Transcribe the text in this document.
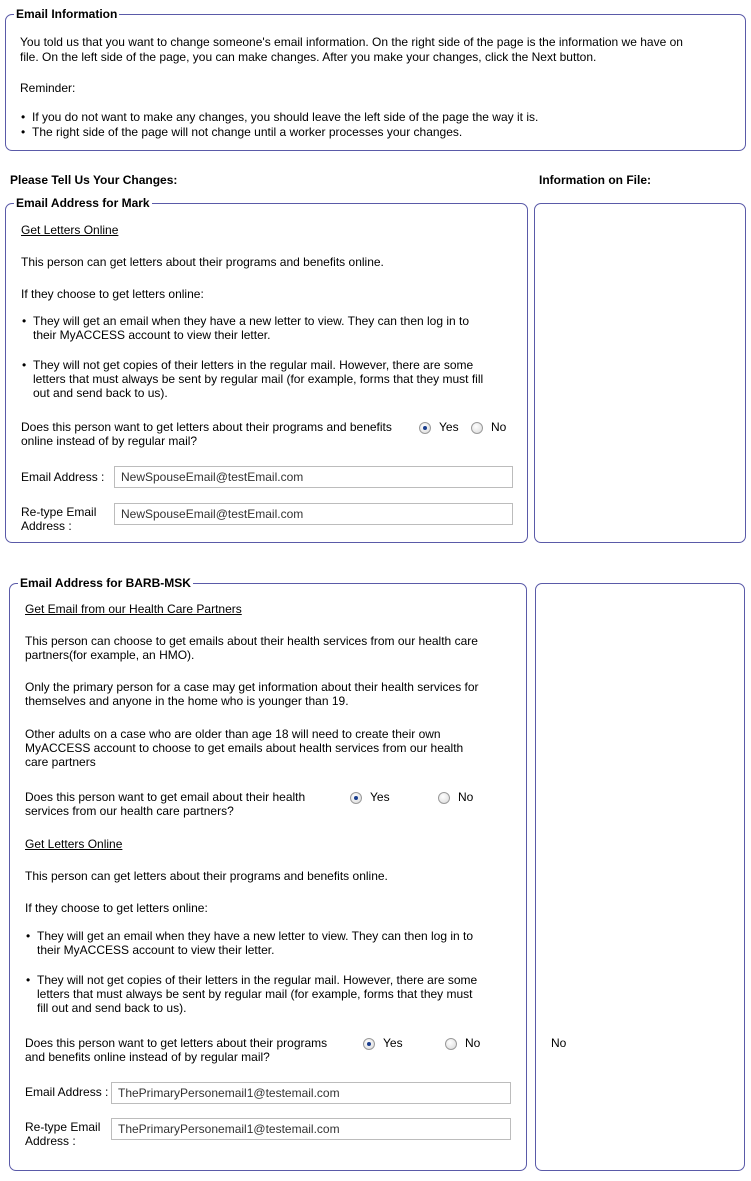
Email Information
You told us that you want to change someone's email information. On the right side of the page is the information we have on
file. On the left side of the page, you can make changes. After you make your changes, click the Next button.
Reminder:
• If you do not want to make any changes, you should leave the left side of the page the way it is.
• The right side of the page will not change until a worker processes your changes.
Please Tell Us Your Changes:	Information on File:
Email Address for Mark
Get Letters Online
This person can get letters about their programs and benefits online.
If they choose to get letters online:
• They will get an email when they have a new letter to view. They can then log in to
their MyACCESS account to view their letter.
• They will not get copies of their letters in the regular mail. However, there are some
letters that must always be sent by regular mail (for example, forms that they must fill
out and send back to us).
Does this person want to get letters about their programs and benefits
online instead of by regular mail?
Yes	No
Email Address :
NewSpouseEmail@testEmail.com
Re-type Email
Address :
NewSpouseEmail@testEmail.com
Email Address for BARB-MSK
Get Email from our Health Care Partners
This person can choose to get emails about their health services from our health care
partners(for example, an HMO).
Only the primary person for a case may get information about their health services for
themselves and anyone in the home who is younger than 19.
Other adults on a case who are older than age 18 will need to create their own
MyACCESS account to choose to get emails about health services from our health
care partners
Does this person want to get email about their health
services from our health care partners?
Yes	No
Get Letters Online
This person can get letters about their programs and benefits online.
If they choose to get letters online:
• They will get an email when they have a new letter to view. They can then log in to
their MyACCESS account to view their letter.
• They will not get copies of their letters in the regular mail. However, there are some
letters that must always be sent by regular mail (for example, forms that they must
fill out and send back to us).
Does this person want to get letters about their programs
and benefits online instead of by regular mail?
Yes	No	No
Email Address :
ThePrimaryPersonemail1@testemail.com
Re-type Email
Address :
ThePrimaryPersonemail1@testemail.com
